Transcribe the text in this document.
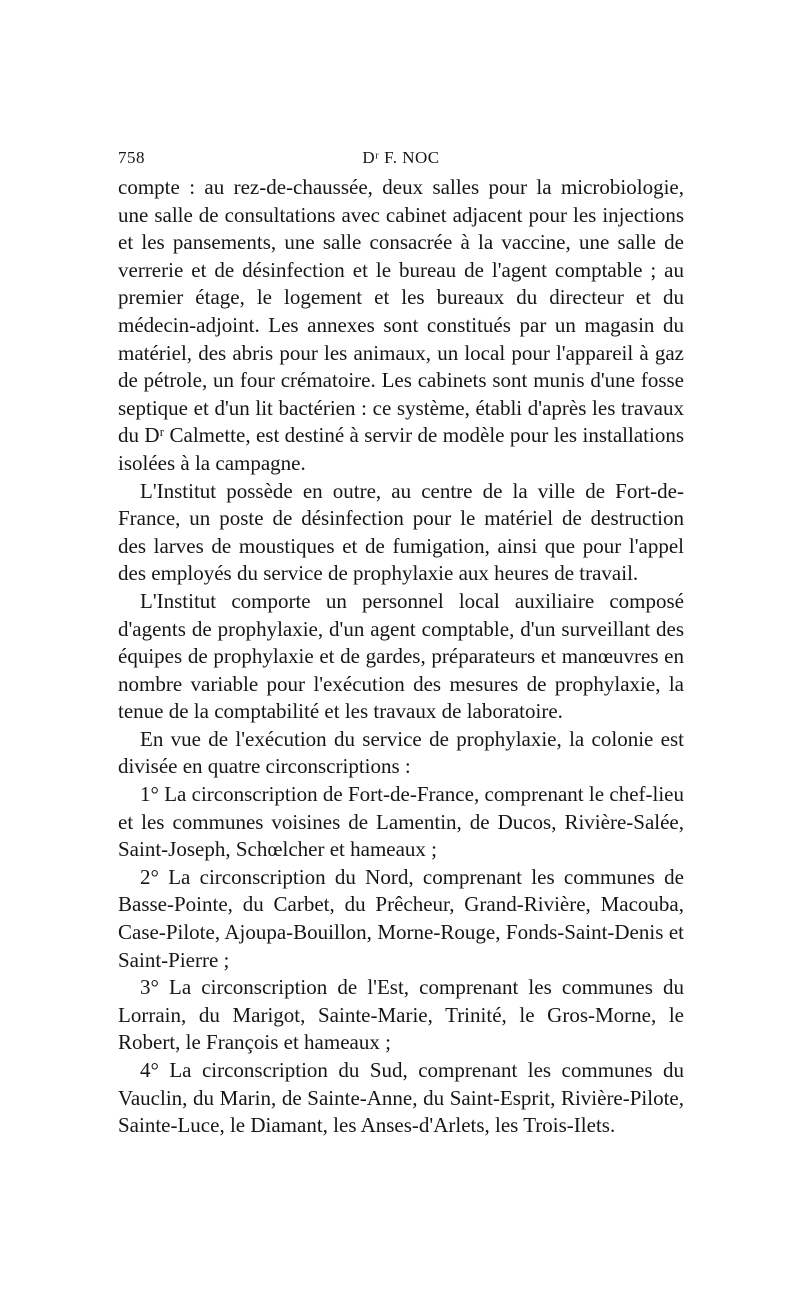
758	Dʳ F. NOC

compte : au rez-de-chaussée, deux salles pour la microbiologie, une salle de consultations avec cabinet adjacent pour les injections et les pansements, une salle consacrée à la vaccine, une salle de verrerie et de désinfection et le bureau de l'agent comptable ; au premier étage, le logement et les bureaux du directeur et du médecin-adjoint. Les annexes sont constitués par un magasin du matériel, des abris pour les animaux, un local pour l'appareil à gaz de pétrole, un four crématoire. Les cabinets sont munis d'une fosse septique et d'un lit bactérien : ce système, établi d'après les travaux du Dʳ Calmette, est destiné à servir de modèle pour les installations isolées à la campagne.

L'Institut possède en outre, au centre de la ville de Fort-de-France, un poste de désinfection pour le matériel de destruction des larves de moustiques et de fumigation, ainsi que pour l'appel des employés du service de prophylaxie aux heures de travail.

L'Institut comporte un personnel local auxiliaire composé d'agents de prophylaxie, d'un agent comptable, d'un surveillant des équipes de prophylaxie et de gardes, préparateurs et manœuvres en nombre variable pour l'exécution des mesures de prophylaxie, la tenue de la comptabilité et les travaux de laboratoire.

En vue de l'exécution du service de prophylaxie, la colonie est divisée en quatre circonscriptions :

1° La circonscription de Fort-de-France, comprenant le chef-lieu et les communes voisines de Lamentin, de Ducos, Rivière-Salée, Saint-Joseph, Schœlcher et hameaux ;

2° La circonscription du Nord, comprenant les communes de Basse-Pointe, du Carbet, du Prêcheur, Grand-Rivière, Macouba, Case-Pilote, Ajoupa-Bouillon, Morne-Rouge, Fonds-Saint-Denis et Saint-Pierre ;

3° La circonscription de l'Est, comprenant les communes du Lorrain, du Marigot, Sainte-Marie, Trinité, le Gros-Morne, le Robert, le François et hameaux ;

4° La circonscription du Sud, comprenant les communes du Vauclin, du Marin, de Sainte-Anne, du Saint-Esprit, Rivière-Pilote, Sainte-Luce, le Diamant, les Anses-d'Arlets, les Trois-Ilets.
